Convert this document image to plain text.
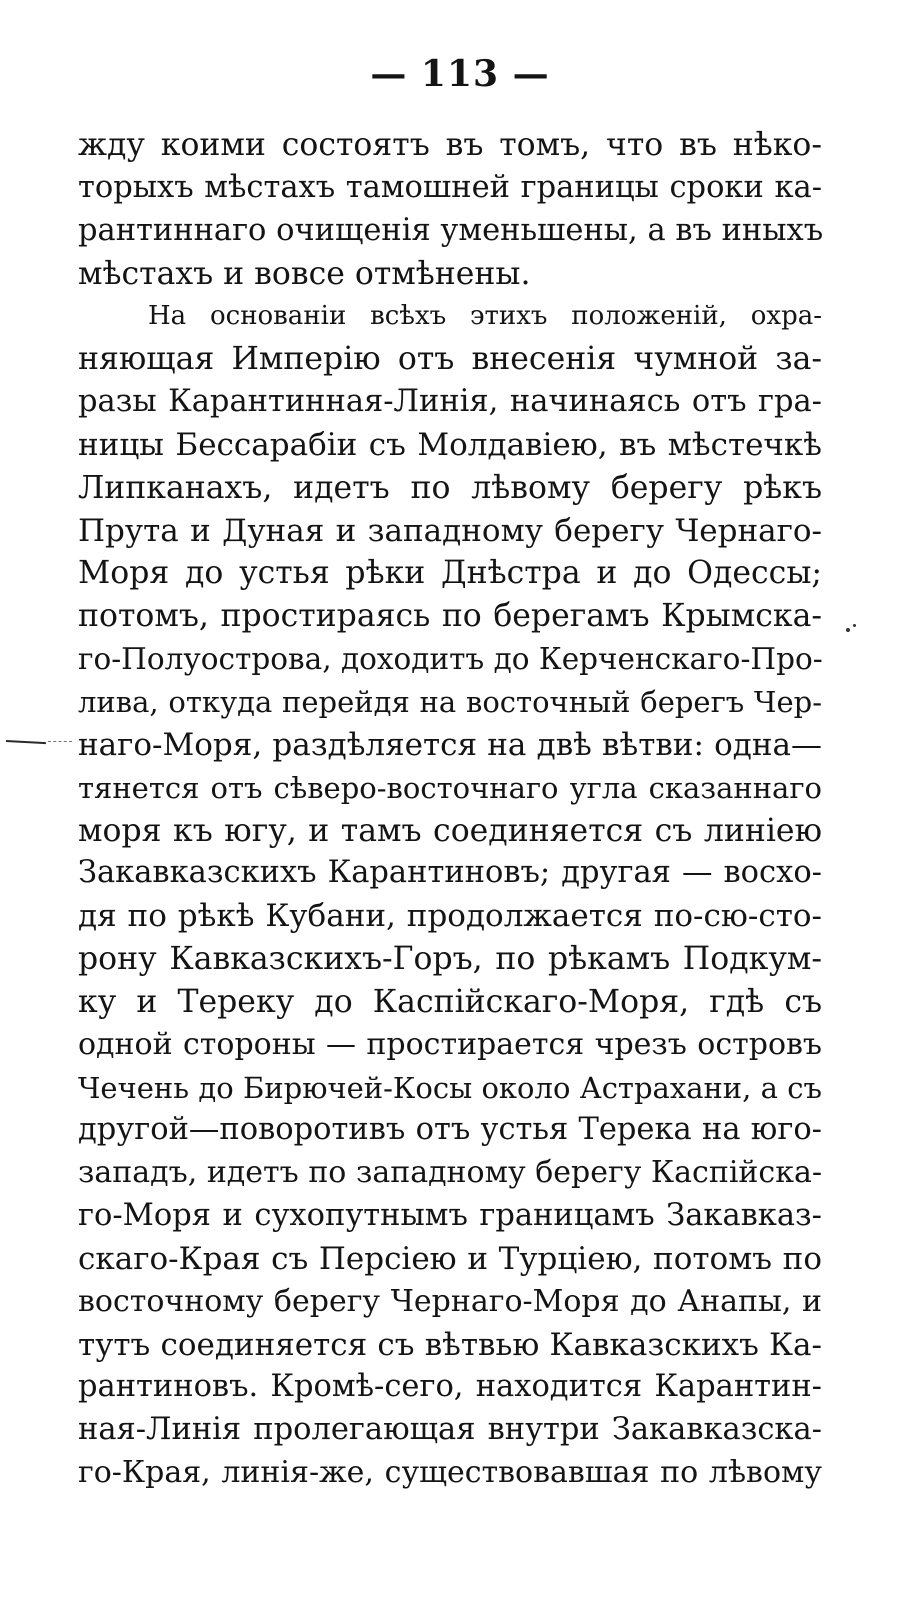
— 113 —
жду коими состоятъ въ томъ, что въ нѣко-
торыхъ мѣстахъ тамошней границы сроки ка-
рантиннаго очищенія уменьшены, а въ иныхъ
мѣстахъ и вовсе отмѣнены.
На основаніи всѣхъ этихъ положеній, охра-
няющая Имперію отъ внесенія чумной за-
разы Карантинная-Линія, начинаясь отъ гра-
ницы Бессарабіи съ Молдавіею, въ мѣстечкѣ
Липканахъ, идетъ по лѣвому берегу рѣкъ
Прута и Дуная и западному берегу Чернаго-
Моря до устья рѣки Днѣстра и до Одессы;
потомъ, простираясь по берегамъ Крымска-
го-Полуострова, доходитъ до Керченскаго-Про-
лива, откуда перейдя на восточный берегъ Чер-
наго-Моря, раздѣляется на двѣ вѣтви: одна—
тянется отъ сѣверо-восточнаго угла сказаннаго
моря къ югу, и тамъ соединяется съ линіею
Закавказскихъ Карантиновъ; другая — восхо-
дя по рѣкѣ Кубани, продолжается по-сю-сто-
рону Кавказскихъ-Горъ, по рѣкамъ Подкум-
ку и Тереку до Каспійскаго-Моря, гдѣ съ
одной стороны — простирается чрезъ островъ
Чечень до Бирючей-Косы около Астрахани, а съ
другой—поворотивъ отъ устья Терека на юго-
западъ, идетъ по западному берегу Каспійска-
го-Моря и сухопутнымъ границамъ Закавказ-
скаго-Края съ Персіею и Турціею, потомъ по
восточному берегу Чернаго-Моря до Анапы, и
тутъ соединяется съ вѣтвью Кавказскихъ Ка-
рантиновъ. Кромѣ-сего, находится Карантин-
ная-Линія пролегающая внутри Закавказска-
го-Края, линія-же, существовавшая по лѣвому
